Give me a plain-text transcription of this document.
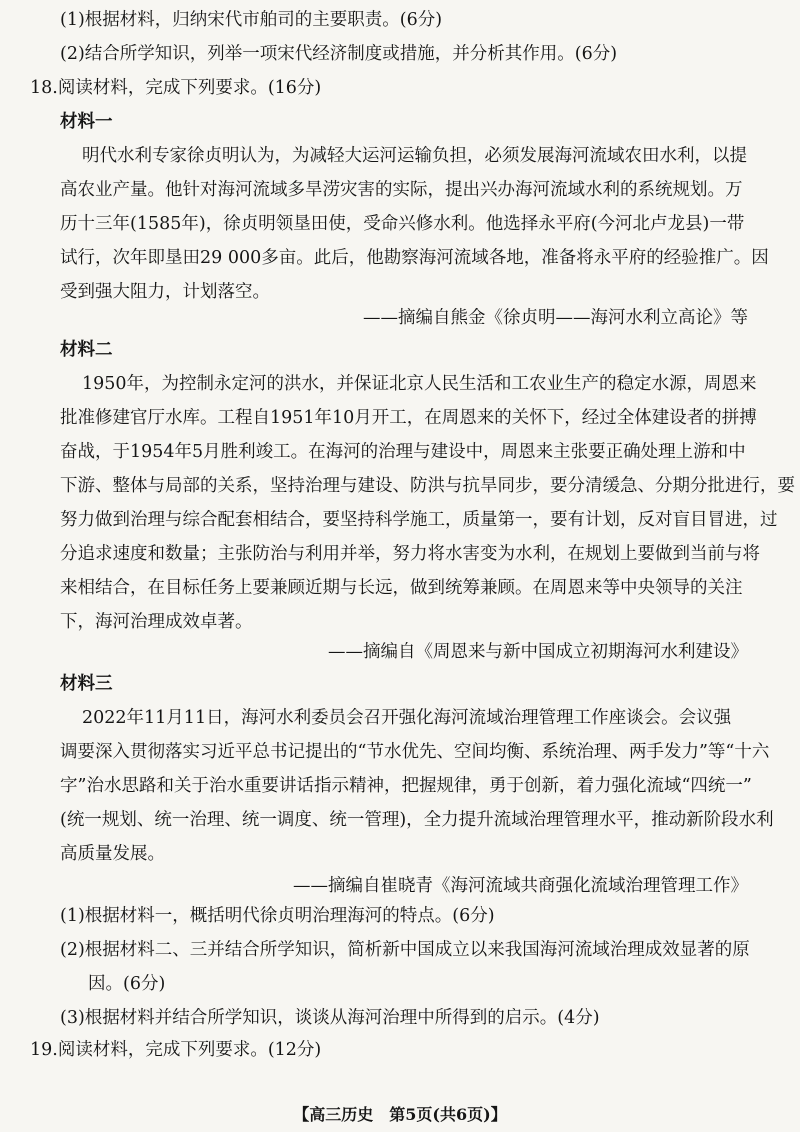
(1)根据材料，归纳宋代市舶司的主要职责。(6分)
(2)结合所学知识，列举一项宋代经济制度或措施，并分析其作用。(6分)
18.阅读材料，完成下列要求。(16分)
材料一
明代水利专家徐贞明认为，为减轻大运河运输负担，必须发展海河流域农田水利，以提
高农业产量。他针对海河流域多旱涝灾害的实际，提出兴办海河流域水利的系统规划。万
历十三年(1585年)，徐贞明领垦田使，受命兴修水利。他选择永平府(今河北卢龙县)一带
试行，次年即垦田29 000多亩。此后，他勘察海河流域各地，准备将永平府的经验推广。因
受到强大阻力，计划落空。
——摘编自熊金《徐贞明——海河水利立高论》等
材料二
1950年，为控制永定河的洪水，并保证北京人民生活和工农业生产的稳定水源，周恩来
批准修建官厅水库。工程自1951年10月开工，在周恩来的关怀下，经过全体建设者的拼搏
奋战，于1954年5月胜利竣工。在海河的治理与建设中，周恩来主张要正确处理上游和中
下游、整体与局部的关系，坚持治理与建设、防洪与抗旱同步，要分清缓急、分期分批进行，要
努力做到治理与综合配套相结合，要坚持科学施工，质量第一，要有计划，反对盲目冒进，过
分追求速度和数量；主张防治与利用并举，努力将水害变为水利，在规划上要做到当前与将
来相结合，在目标任务上要兼顾近期与长远，做到统筹兼顾。在周恩来等中央领导的关注
下，海河治理成效卓著。
——摘编自《周恩来与新中国成立初期海河水利建设》
材料三
2022年11月11日，海河水利委员会召开强化海河流域治理管理工作座谈会。会议强
调要深入贯彻落实习近平总书记提出的“节水优先、空间均衡、系统治理、两手发力”等“十六
字”治水思路和关于治水重要讲话指示精神，把握规律，勇于创新，着力强化流域“四统一”
(统一规划、统一治理、统一调度、统一管理)，全力提升流域治理管理水平，推动新阶段水利
高质量发展。
——摘编自崔晓青《海河流域共商强化流域治理管理工作》
(1)根据材料一，概括明代徐贞明治理海河的特点。(6分)
(2)根据材料二、三并结合所学知识，简析新中国成立以来我国海河流域治理成效显著的原
因。(6分)
(3)根据材料并结合所学知识，谈谈从海河治理中所得到的启示。(4分)
19.阅读材料，完成下列要求。(12分)
【高三历史　第5页(共6页)】
